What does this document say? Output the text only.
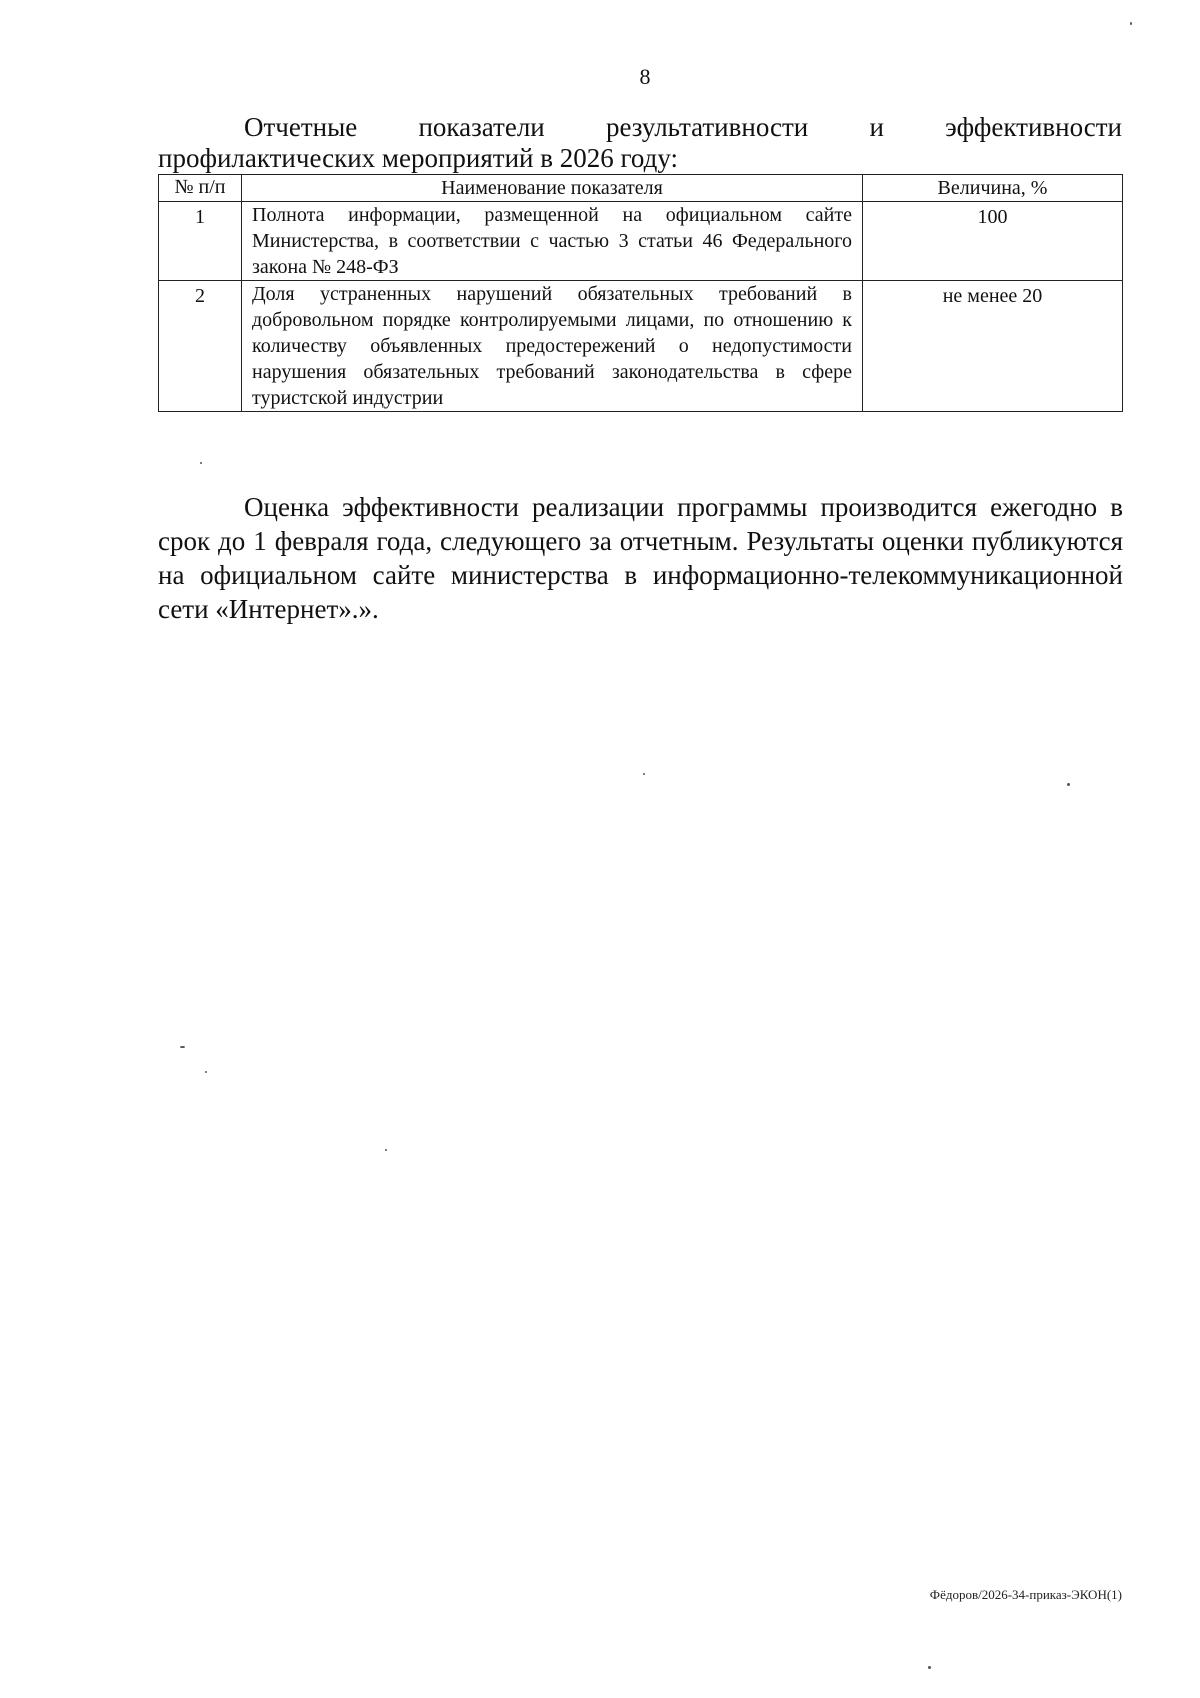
8
Отчетные показатели результативности и эффективности
профилактических мероприятий в 2026 году:
№ п/п	Наименование показателя	Величина, %
1	Полнота информации, размещенной на официальном сайте Министерства, в соответствии с частью 3 статьи 46 Федерального закона № 248-ФЗ	100
2	Доля устраненных нарушений обязательных требований в добровольном порядке контролируемыми лицами, по отношению к количеству объявленных предостережений о недопустимости нарушения обязательных требований законодательства в сфере туристской индустрии	не менее 20
Оценка эффективности реализации программы производится ежегодно в срок до 1 февраля года, следующего за отчетным. Результаты оценки публикуются на официальном сайте министерства в информационно-телекоммуникационной сети «Интернет».».
Фёдоров/2026-34-приказ-ЭКОН(1)
